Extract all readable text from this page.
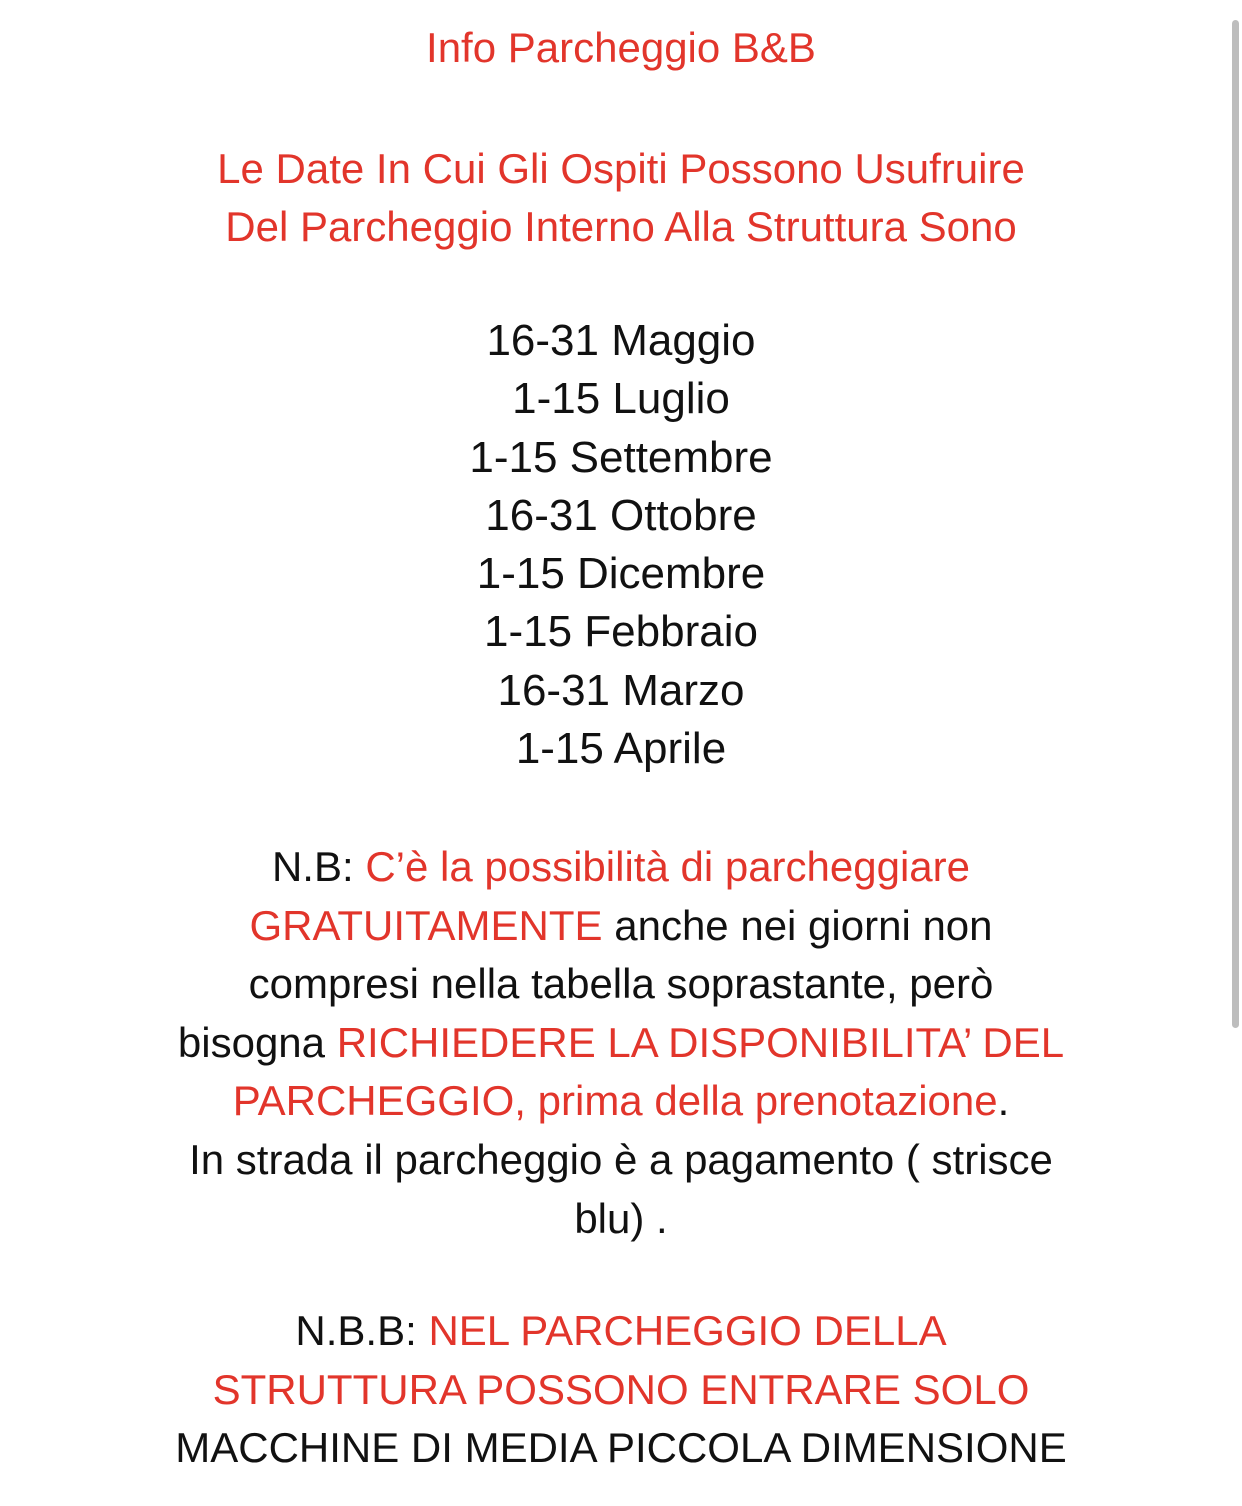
Info Parcheggio B&B
Le Date In Cui Gli Ospiti Possono Usufruire
Del Parcheggio Interno Alla Struttura Sono
16-31 Maggio
1-15 Luglio
1-15 Settembre
16-31 Ottobre
1-15 Dicembre
1-15 Febbraio
16-31 Marzo
1-15 Aprile
N.B: C’è la possibilità di parcheggiare
GRATUITAMENTE anche nei giorni non
compresi nella tabella soprastante, però
bisogna RICHIEDERE LA DISPONIBILITA’ DEL
PARCHEGGIO, prima della prenotazione.
In strada il parcheggio è a pagamento ( strisce
blu) .
N.B.B: NEL PARCHEGGIO DELLA
STRUTTURA POSSONO ENTRARE SOLO
MACCHINE DI MEDIA PICCOLA DIMENSIONE
